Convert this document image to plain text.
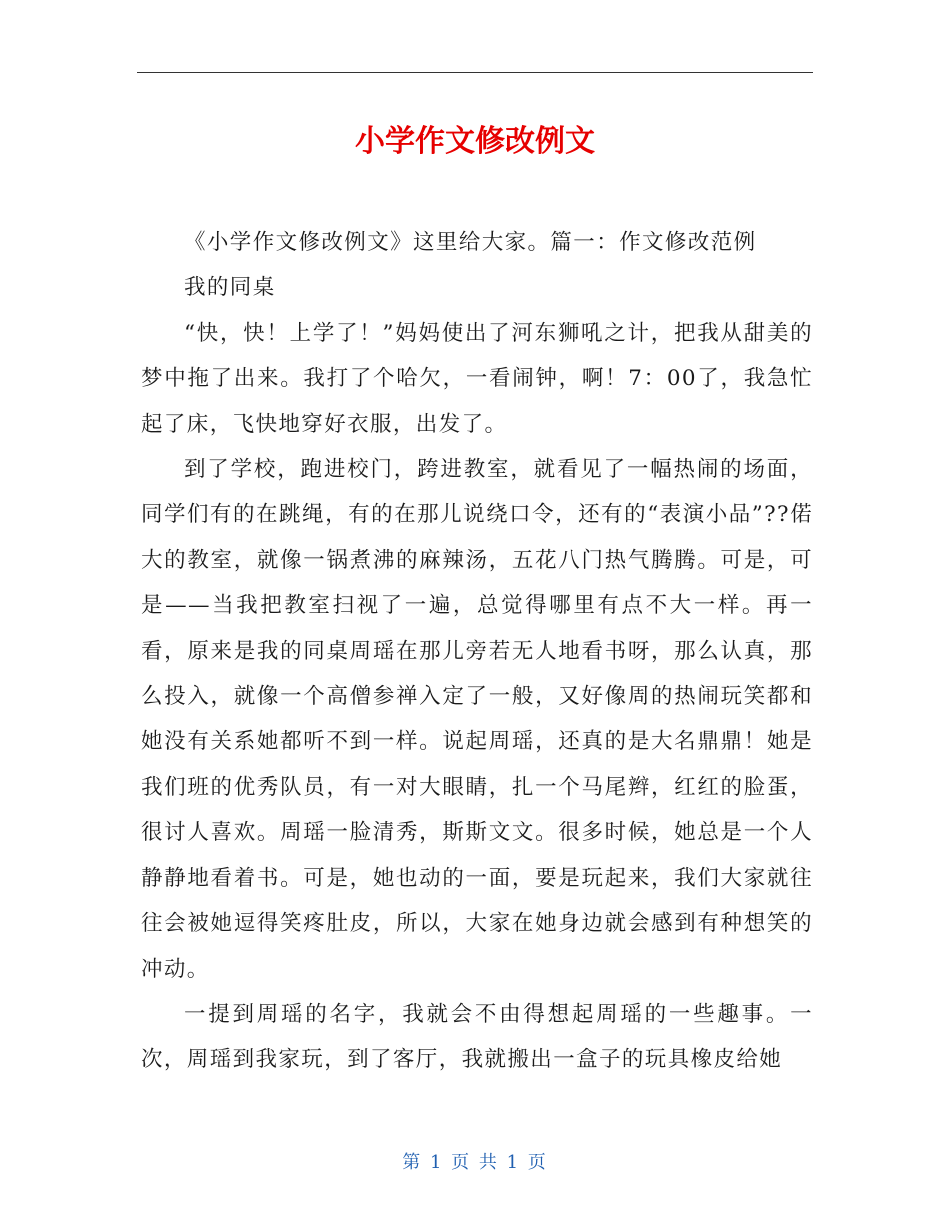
小学作文修改例文

《小学作文修改例文》这里给大家。篇一：作文修改范例

我的同桌

“快，快！上学了！”妈妈使出了河东狮吼之计，把我从甜美的梦中拖了出来。我打了个哈欠，一看闹钟，啊！7：00了，我急忙起了床，飞快地穿好衣服，出发了。

到了学校，跑进校门，跨进教室，就看见了一幅热闹的场面，同学们有的在跳绳，有的在那儿说绕口令，还有的“表演小品”??偌大的教室，就像一锅煮沸的麻辣汤，五花八门热气腾腾。可是，可是——当我把教室扫视了一遍，总觉得哪里有点不大一样。再一看，原来是我的同桌周瑶在那儿旁若无人地看书呀，那么认真，那么投入，就像一个高僧参禅入定了一般，又好像周的热闹玩笑都和她没有关系她都听不到一样。说起周瑶，还真的是大名鼎鼎！她是我们班的优秀队员，有一对大眼睛，扎一个马尾辫，红红的脸蛋，很讨人喜欢。周瑶一脸清秀，斯斯文文。很多时候，她总是一个人静静地看着书。可是，她也动的一面，要是玩起来，我们大家就往往会被她逗得笑疼肚皮，所以，大家在她身边就会感到有种想笑的冲动。

一提到周瑶的名字，我就会不由得想起周瑶的一些趣事。一次，周瑶到我家玩，到了客厅，我就搬出一盒子的玩具橡皮给她

第 1 页 共 1 页
